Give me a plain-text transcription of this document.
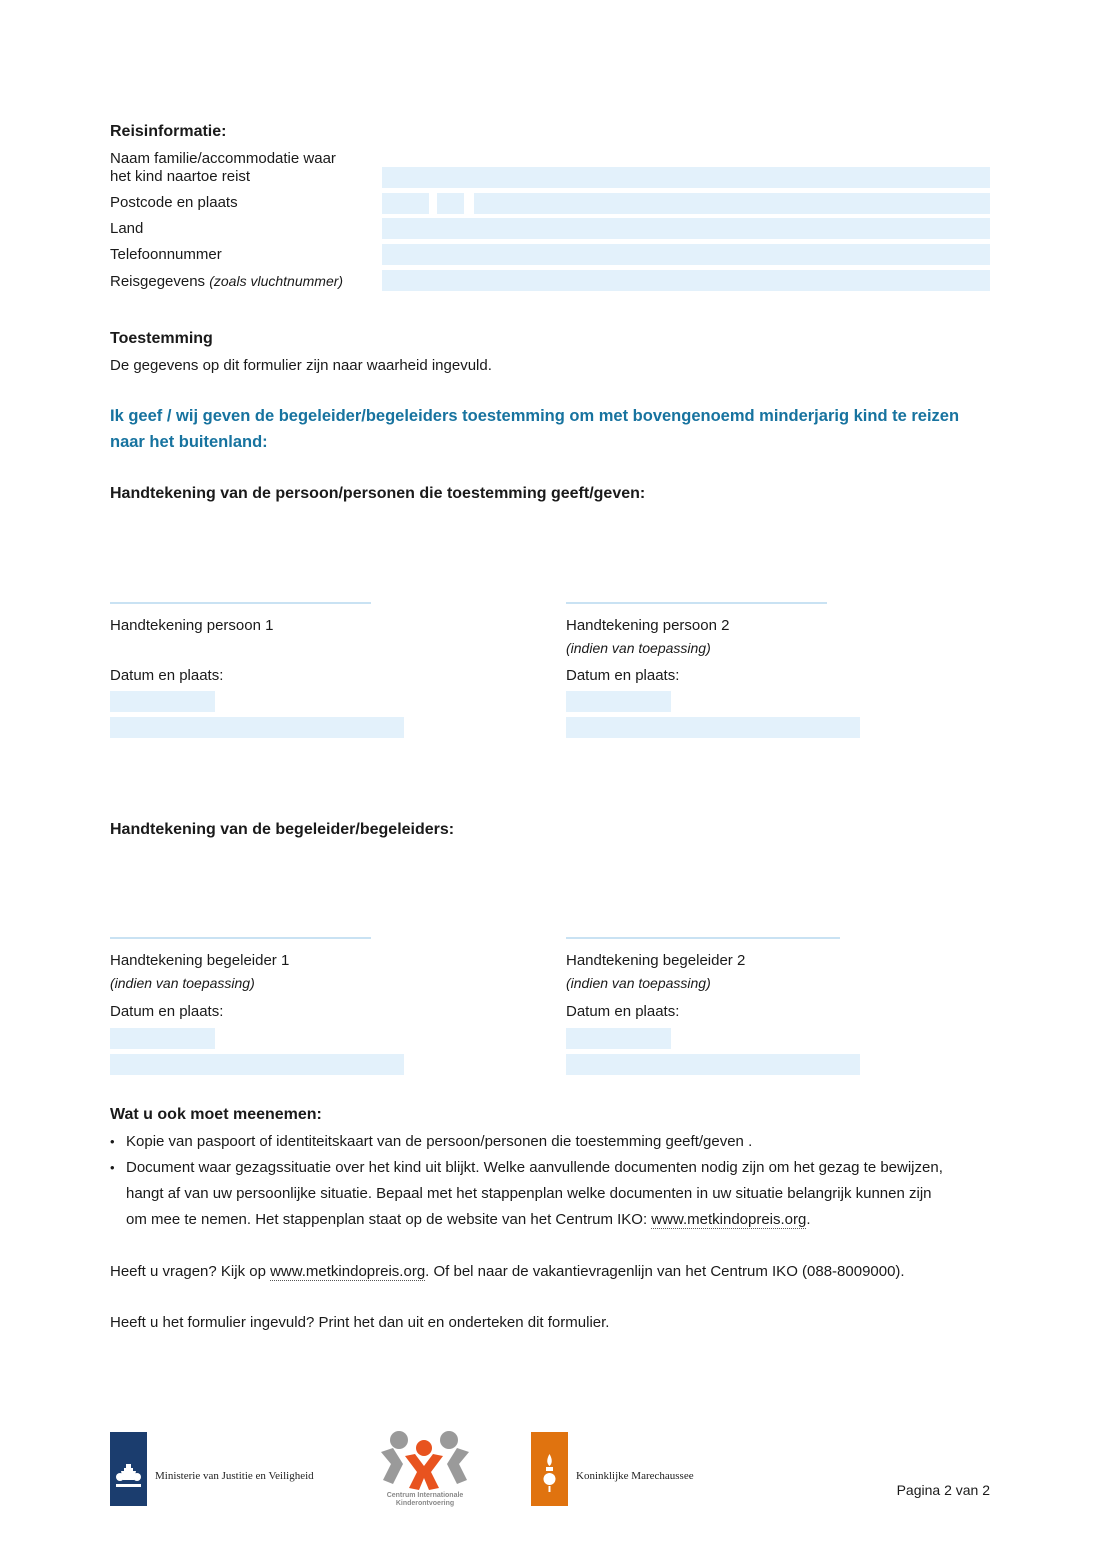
Reisinformatie:
Naam familie/accommodatie waar
het kind naartoe reist
Postcode en plaats
Land
Telefoonnummer
Reisgegevens (zoals vluchtnummer)
Toestemming
De gegevens op dit formulier zijn naar waarheid ingevuld.
Ik geef / wij geven de begeleider/begeleiders toestemming om met bovengenoemd minderjarig kind te reizen
naar het buitenland:
Handtekening van de persoon/personen die toestemming geeft/geven:
Handtekening persoon 1	Handtekening persoon 2
(indien van toepassing)
Datum en plaats:	Datum en plaats:
Handtekening van de begeleider/begeleiders:
Handtekening begeleider 1
(indien van toepassing)
Handtekening begeleider 2
(indien van toepassing)
Datum en plaats:	Datum en plaats:
Wat u ook moet meenemen:
• Kopie van paspoort of identiteitskaart van de persoon/personen die toestemming geeft/geven .
• Document waar gezagssituatie over het kind uit blijkt. Welke aanvullende documenten nodig zijn om het gezag te bewijzen,
hangt af van uw persoonlijke situatie. Bepaal met het stappenplan welke documenten in uw situatie belangrijk kunnen zijn
om mee te nemen. Het stappenplan staat op de website van het Centrum IKO: www.metkindopreis.org.
Heeft u vragen? Kijk op www.metkindopreis.org. Of bel naar de vakantievragenlijn van het Centrum IKO (088-8009000).
Heeft u het formulier ingevuld? Print het dan uit en onderteken dit formulier.
Ministerie van Justitie en Veiligheid
Centrum Internationale
Kinderontvoering
Koninklijke Marechaussee
Pagina 2 van 2
